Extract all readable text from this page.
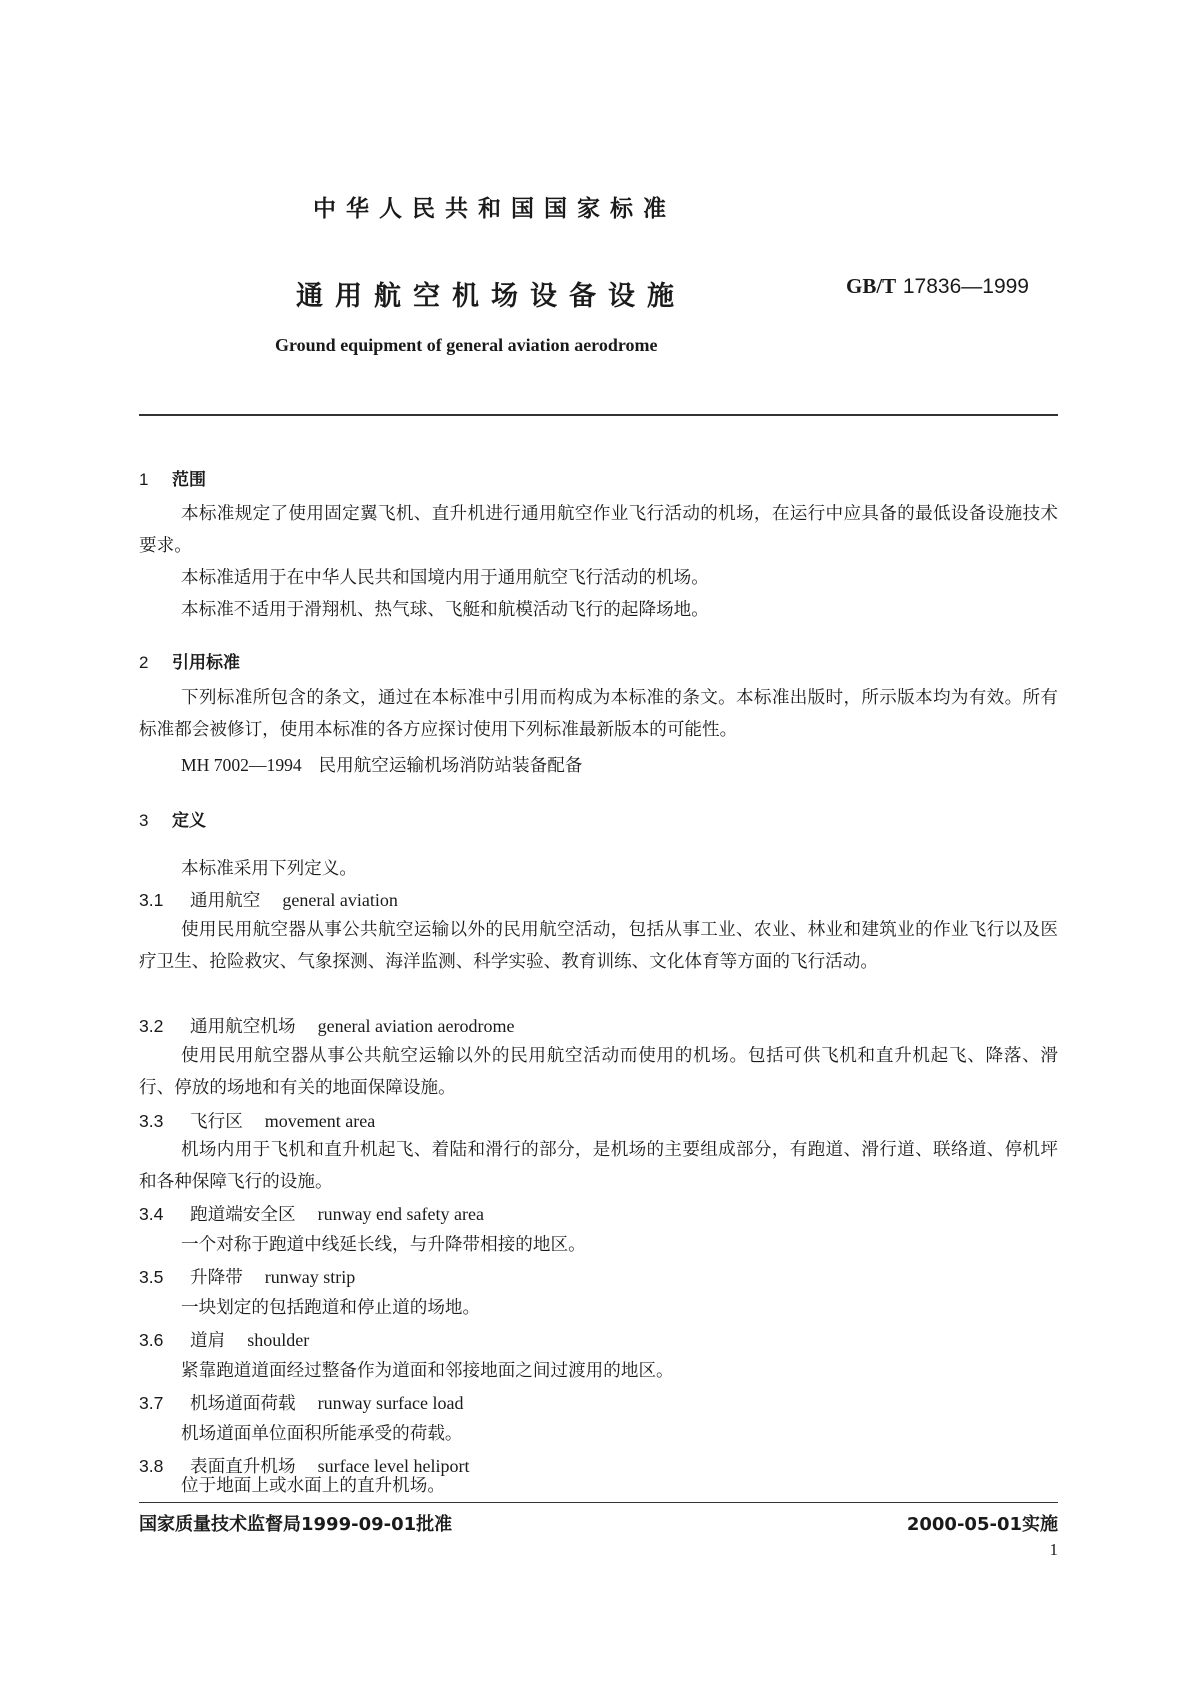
中华人民共和国国家标准
通用航空机场设备设施	GB/T 17836—1999
Ground equipment of general aviation aerodrome
1 范围
本标准规定了使用固定翼飞机、直升机进行通用航空作业飞行活动的机场，在运行中应具备的最低设备设施技术要求。
本标准适用于在中华人民共和国境内用于通用航空飞行活动的机场。
本标准不适用于滑翔机、热气球、飞艇和航模活动飞行的起降场地。
2 引用标准
下列标准所包含的条文，通过在本标准中引用而构成为本标准的条文。本标准出版时，所示版本均为有效。所有标准都会被修订，使用本标准的各方应探讨使用下列标准最新版本的可能性。
MH 7002—1994 民用航空运输机场消防站装备配备
3 定义
本标准采用下列定义。
3.1 通用航空 general aviation
使用民用航空器从事公共航空运输以外的民用航空活动，包括从事工业、农业、林业和建筑业的作业飞行以及医疗卫生、抢险救灾、气象探测、海洋监测、科学实验、教育训练、文化体育等方面的飞行活动。
3.2 通用航空机场 general aviation aerodrome
使用民用航空器从事公共航空运输以外的民用航空活动而使用的机场。包括可供飞机和直升机起飞、降落、滑行、停放的场地和有关的地面保障设施。
3.3 飞行区 movement area
机场内用于飞机和直升机起飞、着陆和滑行的部分，是机场的主要组成部分，有跑道、滑行道、联络道、停机坪和各种保障飞行的设施。
3.4 跑道端安全区 runway end safety area
一个对称于跑道中线延长线，与升降带相接的地区。
3.5 升降带 runway strip
一块划定的包括跑道和停止道的场地。
3.6 道肩 shoulder
紧靠跑道道面经过整备作为道面和邻接地面之间过渡用的地区。
3.7 机场道面荷载 runway surface load
机场道面单位面积所能承受的荷载。
3.8 表面直升机场 surface level heliport
位于地面上或水面上的直升机场。
国家质量技术监督局1999-09-01批准	2000-05-01实施
1
